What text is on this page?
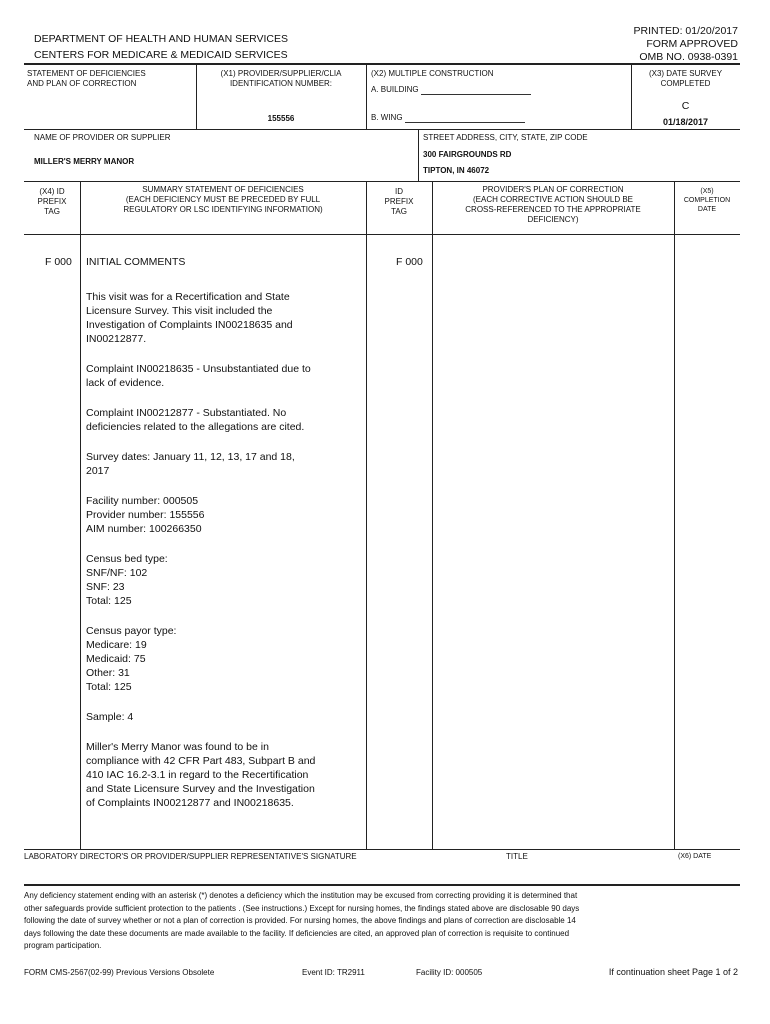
DEPARTMENT OF HEALTH AND HUMAN SERVICES
CENTERS FOR MEDICARE & MEDICAID SERVICES
PRINTED: 01/20/2017
FORM APPROVED
OMB NO. 0938-0391
STATEMENT OF DEFICIENCIES
AND PLAN OF CORRECTION
(X1) PROVIDER/SUPPLIER/CLIA
IDENTIFICATION NUMBER:
155556
(X2) MULTIPLE CONSTRUCTION
A. BUILDING
B. WING
(X3) DATE SURVEY
COMPLETED
C
01/18/2017
NAME OF PROVIDER OR SUPPLIER
MILLER'S MERRY MANOR
STREET ADDRESS, CITY, STATE, ZIP CODE
300 FAIRGROUNDS RD
TIPTON, IN 46072
(X4) ID
PREFIX
TAG
SUMMARY STATEMENT OF DEFICIENCIES
(EACH DEFICIENCY MUST BE PRECEDED BY FULL
REGULATORY OR LSC IDENTIFYING INFORMATION)
ID
PREFIX
TAG
PROVIDER'S PLAN OF CORRECTION
(EACH CORRECTIVE ACTION SHOULD BE
CROSS-REFERENCED TO THE APPROPRIATE
DEFICIENCY)
(X5)
COMPLETION
DATE
F 000	F 000
INITIAL COMMENTS

This visit was for a Recertification and State
Licensure Survey. This visit included the
Investigation of Complaints IN00218635 and
IN00212877.

Complaint IN00218635 - Unsubstantiated due to
lack of evidence.

Complaint IN00212877 - Substantiated. No
deficiencies related to the allegations are cited.

Survey dates: January 11, 12, 13, 17 and 18,
2017

Facility number: 000505
Provider number: 155556
AIM number: 100266350

Census bed type:
SNF/NF: 102
SNF: 23
Total: 125

Census payor type:
Medicare: 19
Medicaid: 75
Other: 31
Total: 125

Sample: 4

Miller's Merry Manor was found to be in
compliance with 42 CFR Part 483, Subpart B and
410 IAC 16.2-3.1 in regard to the Recertification
and State Licensure Survey and the Investigation
of Complaints IN00212877 and IN00218635.

LABORATORY DIRECTOR'S OR PROVIDER/SUPPLIER REPRESENTATIVE'S SIGNATURE	TITLE	(X6) DATE
Any deficiency statement ending with an asterisk (*) denotes a deficiency which the institution may be excused from correcting providing it is determined that
other safeguards provide sufficient protection to the patients . (See instructions.) Except for nursing homes, the findings stated above are disclosable 90 days
following the date of survey whether or not a plan of correction is provided. For nursing homes, the above findings and plans of correction are disclosable 14
days following the date these documents are made available to the facility. If deficiencies are cited, an approved plan of correction is requisite to continued
program participation.
FORM CMS-2567(02-99) Previous Versions Obsolete	Event ID: TR2911	Facility ID: 000505	If continuation sheet Page 1 of 2
